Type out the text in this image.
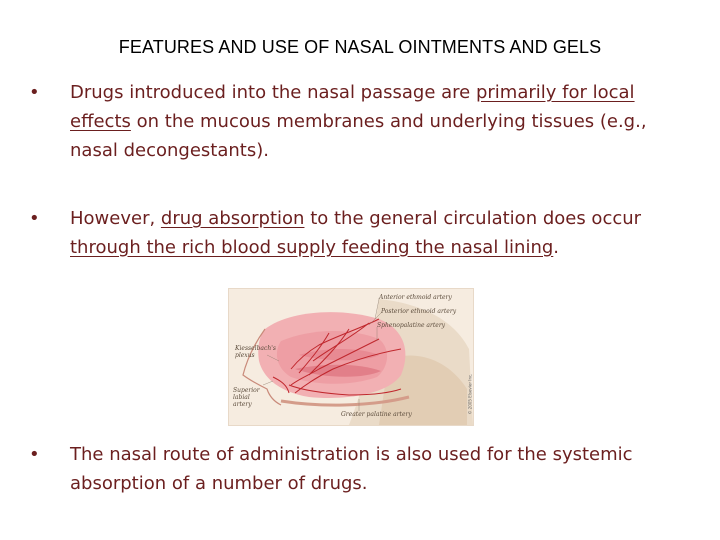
FEATURES AND USE OF NASAL OINTMENTS AND GELS
•	Drugs introduced into the nasal passage are primarily for local effects on the mucous membranes and underlying tissues (e.g., nasal decongestants).
•	However, drug absorption to the general circulation does occur through the rich blood supply feeding the nasal lining.
Anterior ethmoid artery
Posterior ethmoid artery
Sphenopalatine artery
Kiesselbach's plexus
Superior labial artery
Greater palatine artery	© 2005 Elsevier Inc.
•	The nasal route of administration is also used for the systemic absorption of a number of drugs.
